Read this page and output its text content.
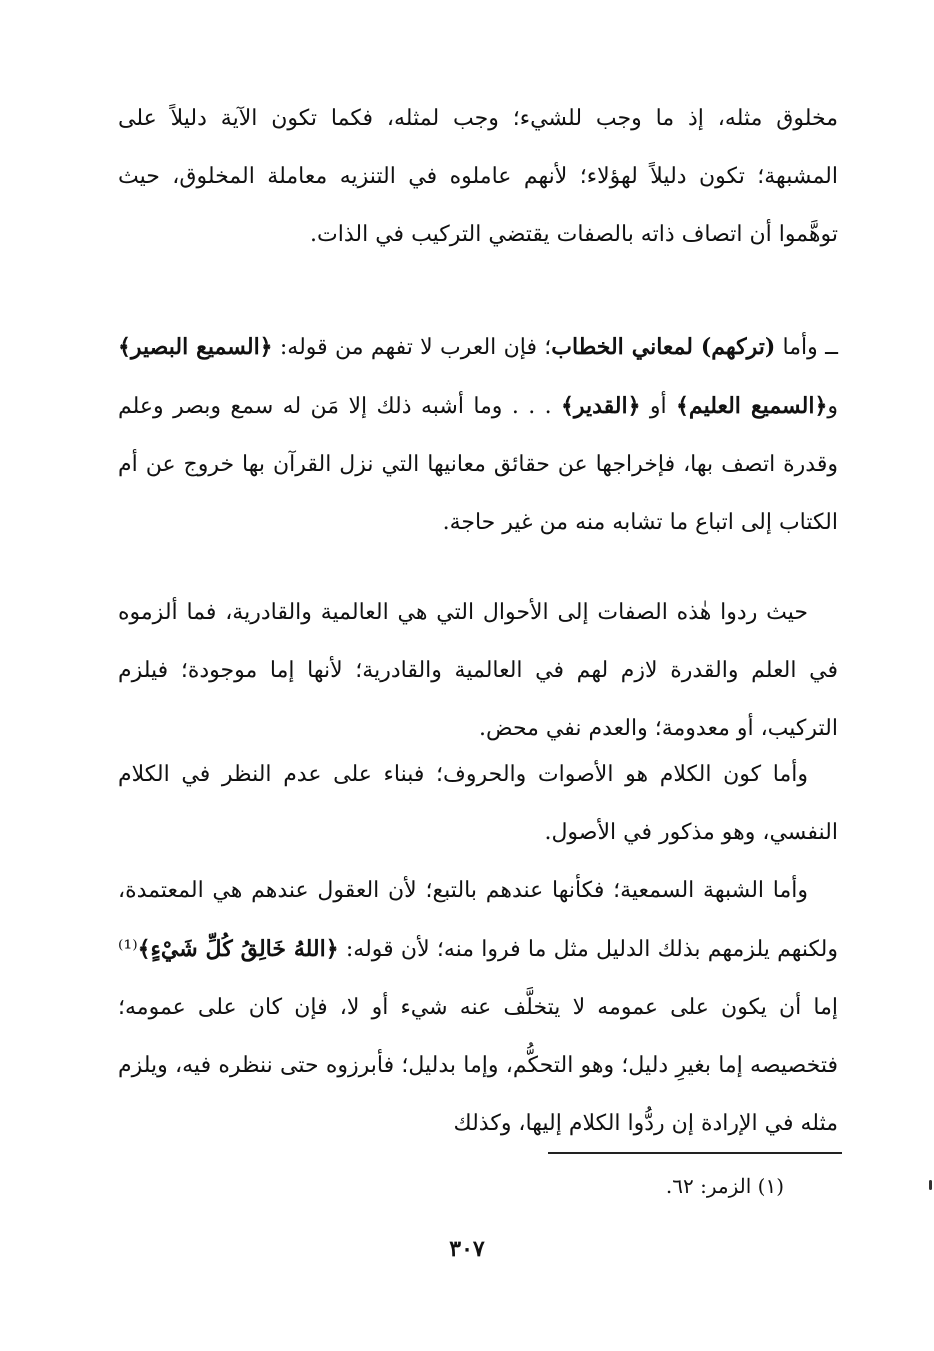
مخلوق مثله، إذ ما وجب للشيء؛ وجب لمثله، فكما تكون الآية دليلاً على المشبهة؛ تكون دليلاً لهؤلاء؛ لأنهم عاملوه في التنزيه معاملة المخلوق، حيث توهَّموا أن اتصاف ذاته بالصفات يقتضي التركيب في الذات.

ــ وأما (تركهم) لمعاني الخطاب؛ فإن العرب لا تفهم من قوله: ﴿السميع البصير﴾ و﴿السميع العليم﴾ أو ﴿القدير﴾ . . . وما أشبه ذلك إلا مَن له سمع وبصر وعلم وقدرة اتصف بها، فإخراجها عن حقائق معانيها التي نزل القرآن بها خروج عن أم الكتاب إلى اتباع ما تشابه منه من غير حاجة.

حيث ردوا هٰذه الصفات إلى الأحوال التي هي العالمية والقادرية، فما ألزموه في العلم والقدرة لازم لهم في العالمية والقادرية؛ لأنها إما موجودة؛ فيلزم التركيب، أو معدومة؛ والعدم نفي محض.

وأما كون الكلام هو الأصوات والحروف؛ فبناء على عدم النظر في الكلام النفسي، وهو مذكور في الأصول.

وأما الشبهة السمعية؛ فكأنها عندهم بالتبع؛ لأن العقول عندهم هي المعتمدة، ولكنهم يلزمهم بذلك الدليل مثل ما فروا منه؛ لأن قوله: ﴿اللهُ خَالِقُ كُلِّ شَيْءٍ﴾⁽¹⁾ إما أن يكون على عمومه لا يتخلَّف عنه شيء أو لا، فإن كان على عمومه؛ فتخصيصه إما بغيرِ دليل؛ وهو التحكُّم، وإما بدليل؛ فأبرزوه حتى ننظره فيه، ويلزم مثله في الإرادة إن ردُّوا الكلام إليها، وكذلك

(١) الزمر: ٦٢.
٣٠٧
